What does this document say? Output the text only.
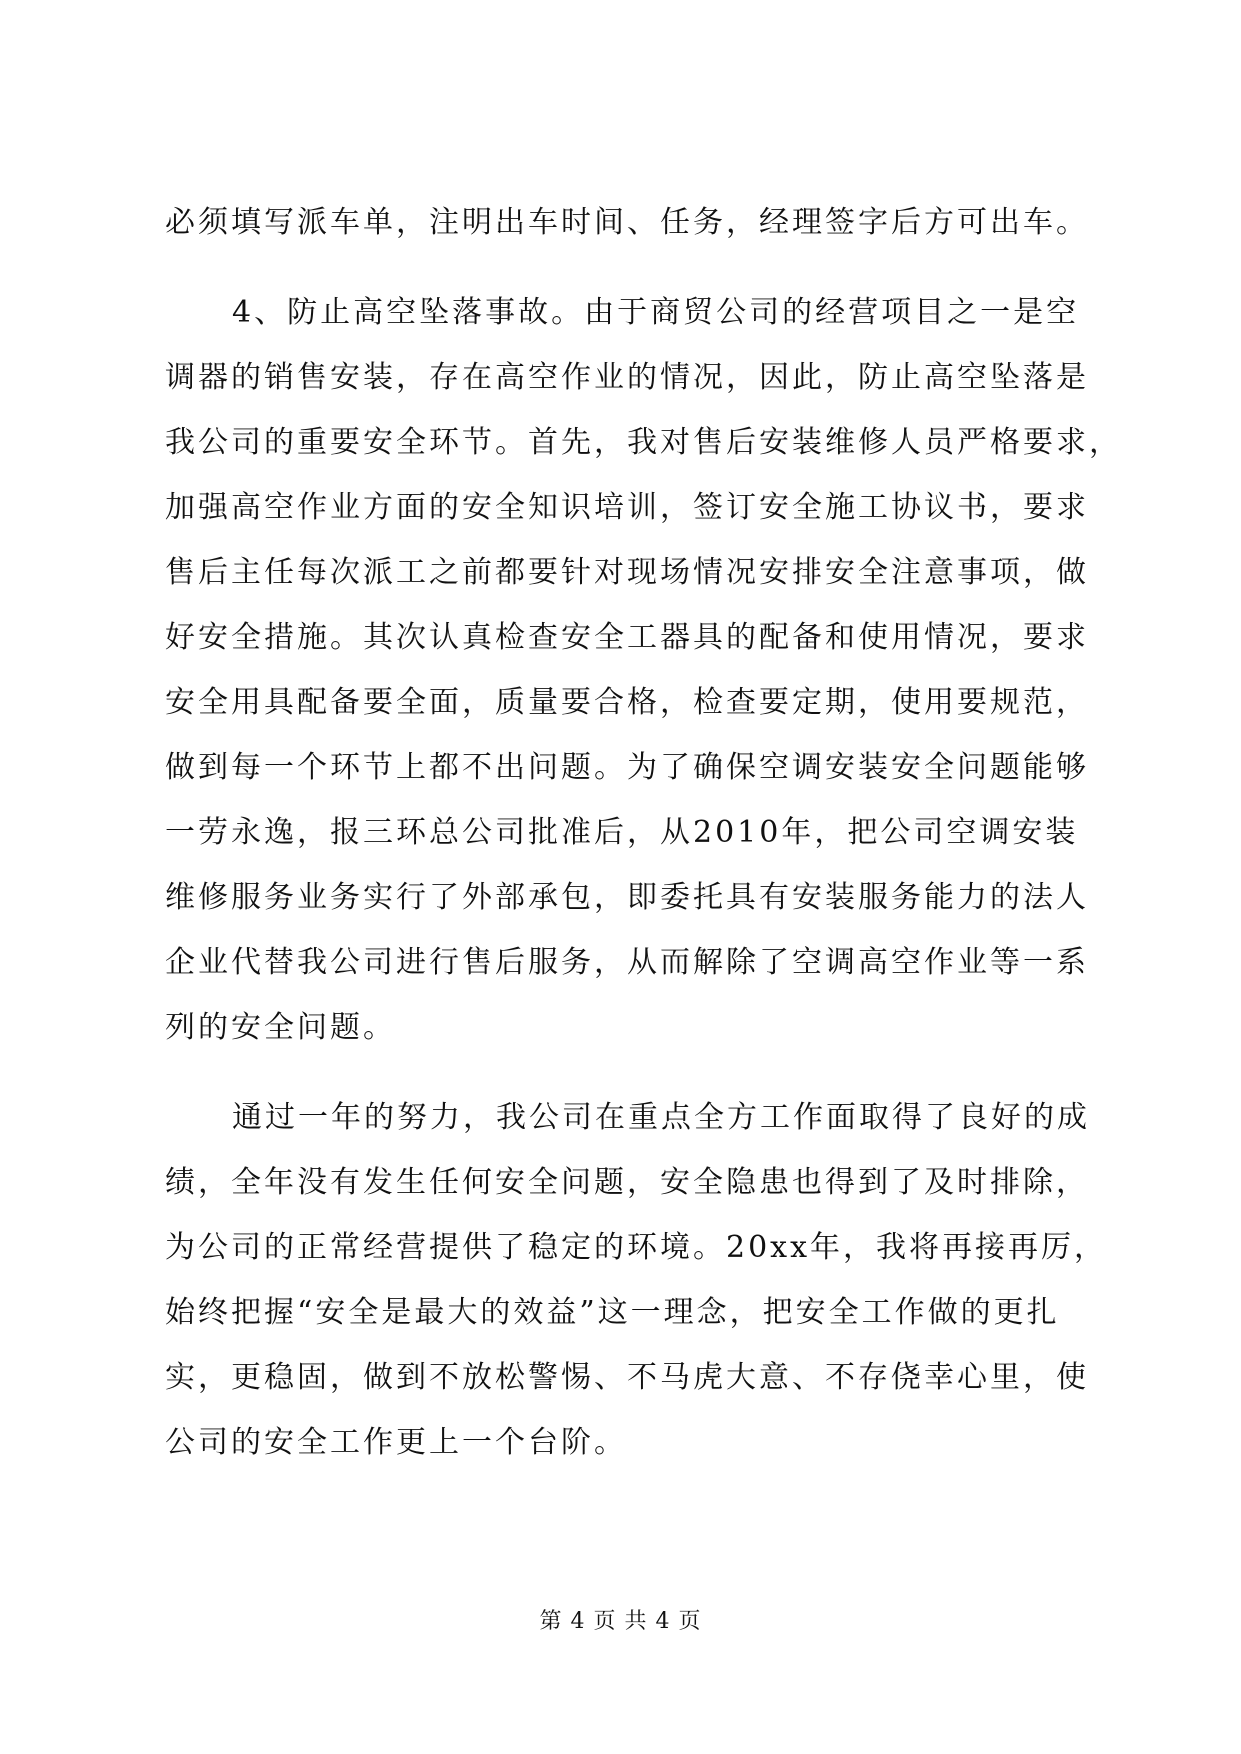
必须填写派车单，注明出车时间、任务，经理签字后方可出车。
4、防止高空坠落事故。由于商贸公司的经营项目之一是空
调器的销售安装，存在高空作业的情况，因此，防止高空坠落是
我公司的重要安全环节。首先，我对售后安装维修人员严格要求，
加强高空作业方面的安全知识培训，签订安全施工协议书，要求
售后主任每次派工之前都要针对现场情况安排安全注意事项，做
好安全措施。其次认真检查安全工器具的配备和使用情况，要求
安全用具配备要全面，质量要合格，检查要定期，使用要规范，
做到每一个环节上都不出问题。为了确保空调安装安全问题能够
一劳永逸，报三环总公司批准后，从2010年，把公司空调安装
维修服务业务实行了外部承包，即委托具有安装服务能力的法人
企业代替我公司进行售后服务，从而解除了空调高空作业等一系
列的安全问题。
通过一年的努力，我公司在重点全方工作面取得了良好的成
绩，全年没有发生任何安全问题，安全隐患也得到了及时排除，
为公司的正常经营提供了稳定的环境。20xx年，我将再接再厉，
始终把握“安全是最大的效益”这一理念，把安全工作做的更扎
实，更稳固，做到不放松警惕、不马虎大意、不存侥幸心里，使
公司的安全工作更上一个台阶。
第 4 页 共 4 页
